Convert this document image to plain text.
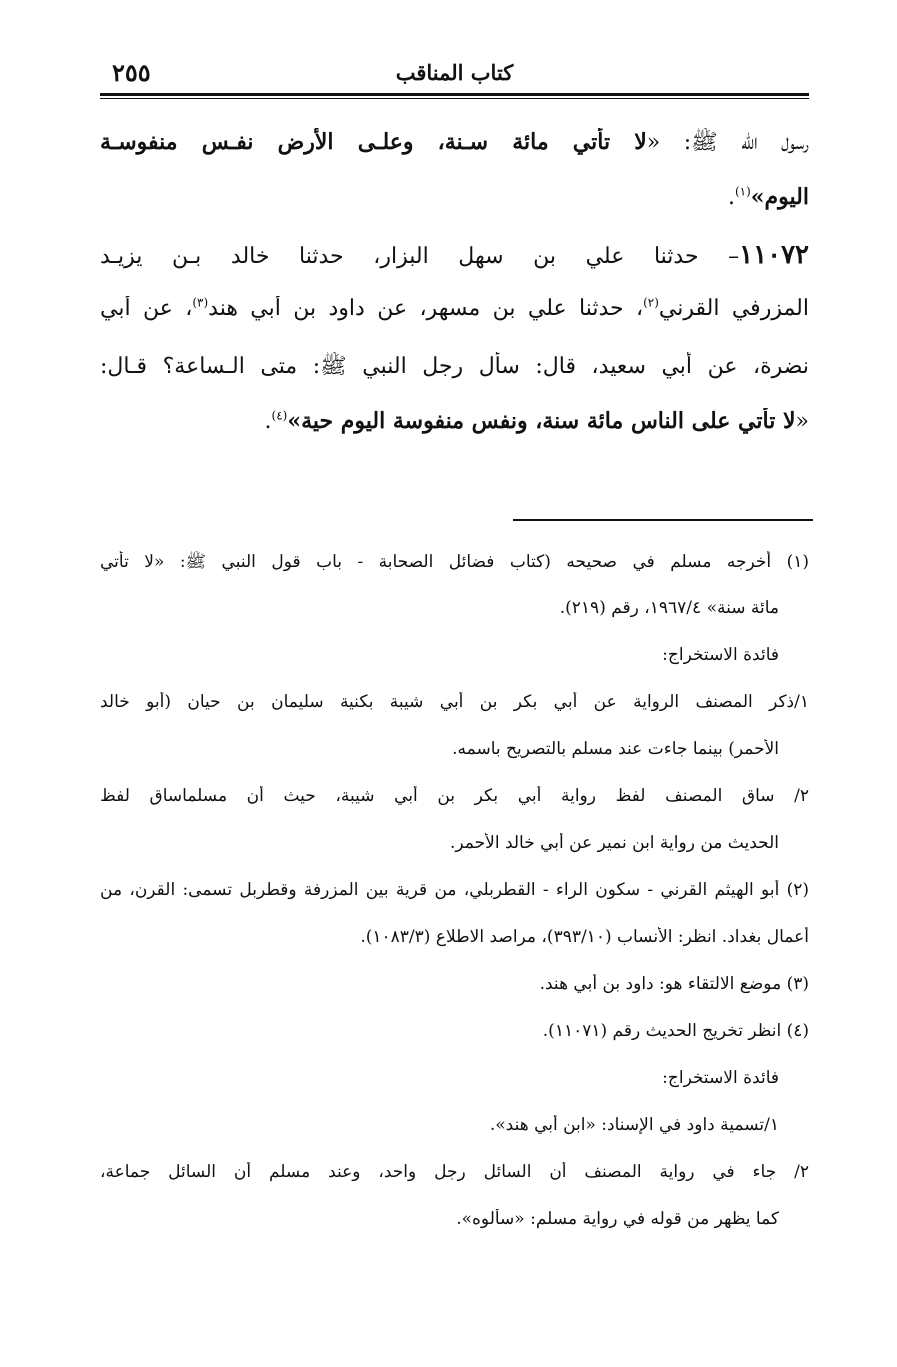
كتاب المناقب
٢٥٥
رسول الله ﷺ: «لا تأتي مائة سـنة، وعلـى الأرض نفـس منفوسـة
اليوم»$^{(١)}$.
١١٠٧٢– حدثنا علي بن سهل البزار، حدثنا خالد بـن يزيـد
المزرفي القرني$^{(٢)}$، حدثنا علي بن مسهر، عن داود بن أبي هند$^{(٣)}$، عن أبي
نضرة، عن أبي سعيد، قال: سأل رجل النبي ﷺ: متى الـساعة؟ قـال:
«لا تأتي على الناس مائة سنة، ونفس منفوسة اليوم حية»$^{(٤)}$.
(١) أخرجه مسلم في صحيحه (كتاب فضائل الصحابة - باب قول النبي ﷺ: «لا تأتي
مائة سنة» ١٩٦٧/٤، رقم (٢١٩).
فائدة الاستخراج:
١/ذكر المصنف الرواية عن أبي بكر بن أبي شيبة بكنية سليمان بن حيان (أبو خالد
الأحمر) بينما جاءت عند مسلم بالتصريح باسمه.
٢/ ساق المصنف لفظ رواية أبي بكر بن أبي شيبة، حيث أن مسلماساق لفظ
الحديث من رواية ابن نمير عن أبي خالد الأحمر.
(٢) أبو الهيثم القرني - سكون الراء - القطربلي، من قرية بين المزرفة وقطربل تسمى: القرن، من
أعمال بغداد. انظر: الأنساب (٣٩٣/١٠)، مراصد الاطلاع (١٠٨٣/٣).
(٣) موضع الالتقاء هو: داود بن أبي هند.
(٤) انظر تخريج الحديث رقم (١١٠٧١).
فائدة الاستخراج:
١/تسمية داود في الإسناد: «ابن أبي هند».
٢/ جاء في رواية المصنف أن السائل رجل واحد، وعند مسلم أن السائل جماعة،
كما يظهر من قوله في رواية مسلم: «سألوه».
